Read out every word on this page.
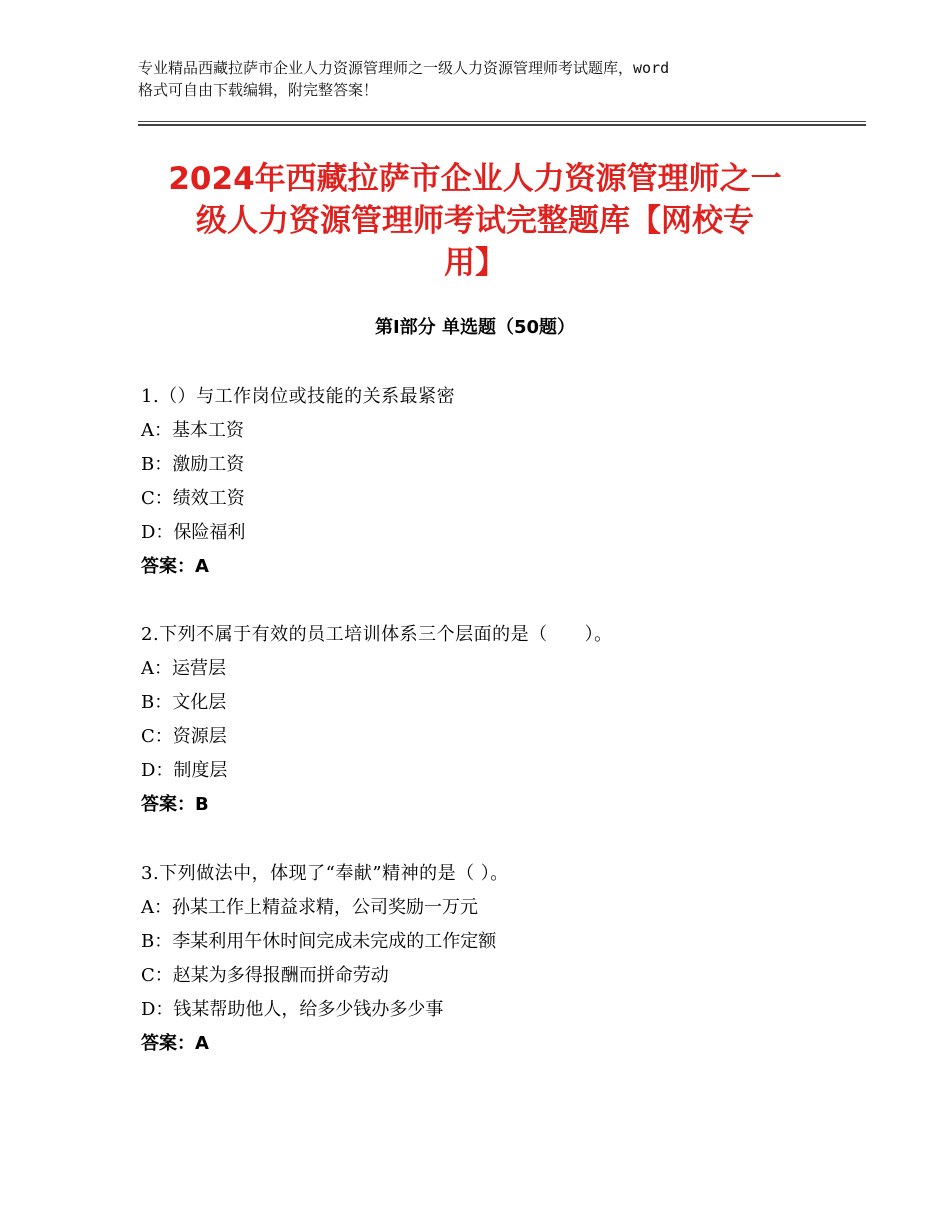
专业精品西藏拉萨市企业人力资源管理师之一级人力资源管理师考试题库，word
格式可自由下载编辑，附完整答案！
2024年西藏拉萨市企业人力资源管理师之一
级人力资源管理师考试完整题库【网校专
用】
第Ⅰ部分 单选题（50题）
1.（）与工作岗位或技能的关系最紧密
A：基本工资
B：激励工资
C：绩效工资
D：保险福利
答案：A
2.下列不属于有效的员工培训体系三个层面的是（　　）。
A：运营层
B：文化层
C：资源层
D：制度层
答案：B
3.下列做法中，体现了“奉献”精神的是（ ）。
A：孙某工作上精益求精，公司奖励一万元
B：李某利用午休时间完成未完成的工作定额
C：赵某为多得报酬而拼命劳动
D：钱某帮助他人，给多少钱办多少事
答案：A
